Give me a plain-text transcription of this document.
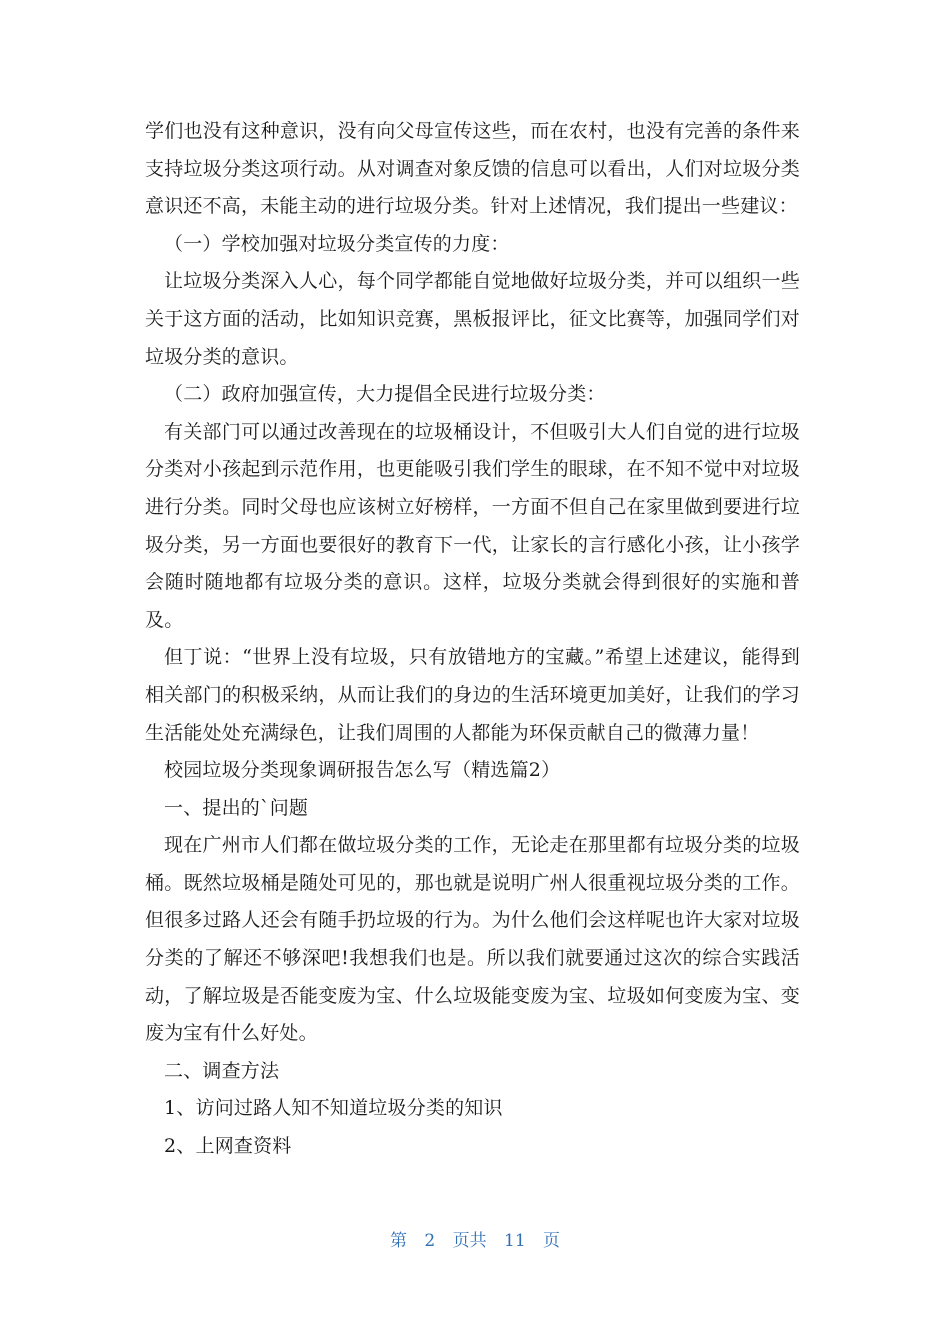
学们也没有这种意识，没有向父母宣传这些，而在农村，也没有完善的条件来支持垃圾分类这项行动。从对调查对象反馈的信息可以看出，人们对垃圾分类意识还不高，未能主动的进行垃圾分类。针对上述情况，我们提出一些建议：

（一）学校加强对垃圾分类宣传的力度：

让垃圾分类深入人心，每个同学都能自觉地做好垃圾分类，并可以组织一些关于这方面的活动，比如知识竞赛，黑板报评比，征文比赛等，加强同学们对垃圾分类的意识。

（二）政府加强宣传，大力提倡全民进行垃圾分类：

有关部门可以通过改善现在的垃圾桶设计，不但吸引大人们自觉的进行垃圾分类对小孩起到示范作用，也更能吸引我们学生的眼球，在不知不觉中对垃圾进行分类。同时父母也应该树立好榜样，一方面不但自己在家里做到要进行垃圾分类，另一方面也要很好的教育下一代，让家长的言行感化小孩，让小孩学会随时随地都有垃圾分类的意识。这样，垃圾分类就会得到很好的实施和普及。

但丁说：“世界上没有垃圾，只有放错地方的宝藏。”希望上述建议，能得到相关部门的积极采纳，从而让我们的身边的生活环境更加美好，让我们的学习生活能处处充满绿色，让我们周围的人都能为环保贡献自己的微薄力量！

校园垃圾分类现象调研报告怎么写（精选篇2）

一、提出的`问题

现在广州市人们都在做垃圾分类的工作，无论走在那里都有垃圾分类的垃圾桶。既然垃圾桶是随处可见的，那也就是说明广州人很重视垃圾分类的工作。但很多过路人还会有随手扔垃圾的行为。为什么他们会这样呢也许大家对垃圾分类的了解还不够深吧!我想我们也是。所以我们就要通过这次的综合实践活动，了解垃圾是否能变废为宝、什么垃圾能变废为宝、垃圾如何变废为宝、变废为宝有什么好处。

二、调查方法

1、访问过路人知不知道垃圾分类的知识

2、上网查资料

第 2 页共 11 页
